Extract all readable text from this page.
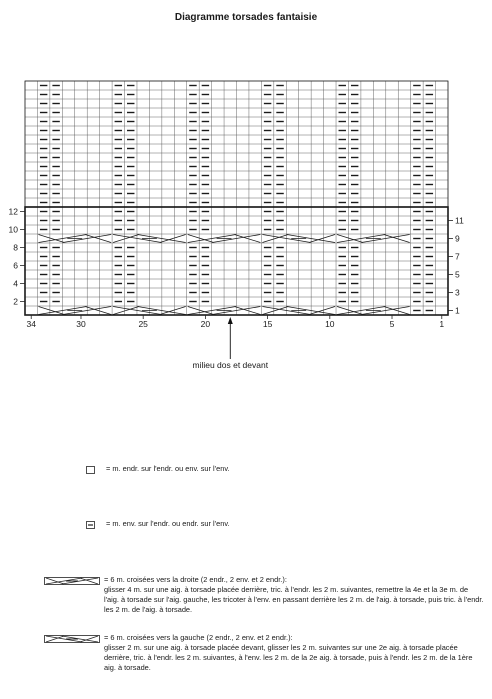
Diagramme torsades fantaisie
34	30	25	20	15	10	5	1
2
4
6
8
10
12
1
3
5
7
9
11
milieu dos et devant
= m. endr. sur l'endr. ou env. sur l'env.
= m. env. sur l'endr. ou endr. sur l'env.
= 6 m. croisées vers la droite (2 endr., 2 env. et 2 endr.):
glisser 4 m. sur une aig. à torsade placée derrière, tric. à l'endr. les 2 m. suivantes, remettre la 4e et la 3e m. de l'aig. à torsade sur l'aig. gauche, les tricoter à l'env. en passant derrière les 2 m. de l'aig. à torsade, puis tric. à l'endr. les 2 m. de l'aig. à torsade.
= 6 m. croisées vers la gauche (2 endr., 2 env. et 2 endr.):
glisser 2 m. sur une aig. à torsade placée devant, glisser les 2 m. suivantes sur une 2e aig. à torsade placée derrière, tric. à l'endr. les 2 m. suivantes, à l'env. les 2 m. de la 2e aig. à torsade, puis à l'endr. les 2 m. de la 1ère aig. à torsade.
